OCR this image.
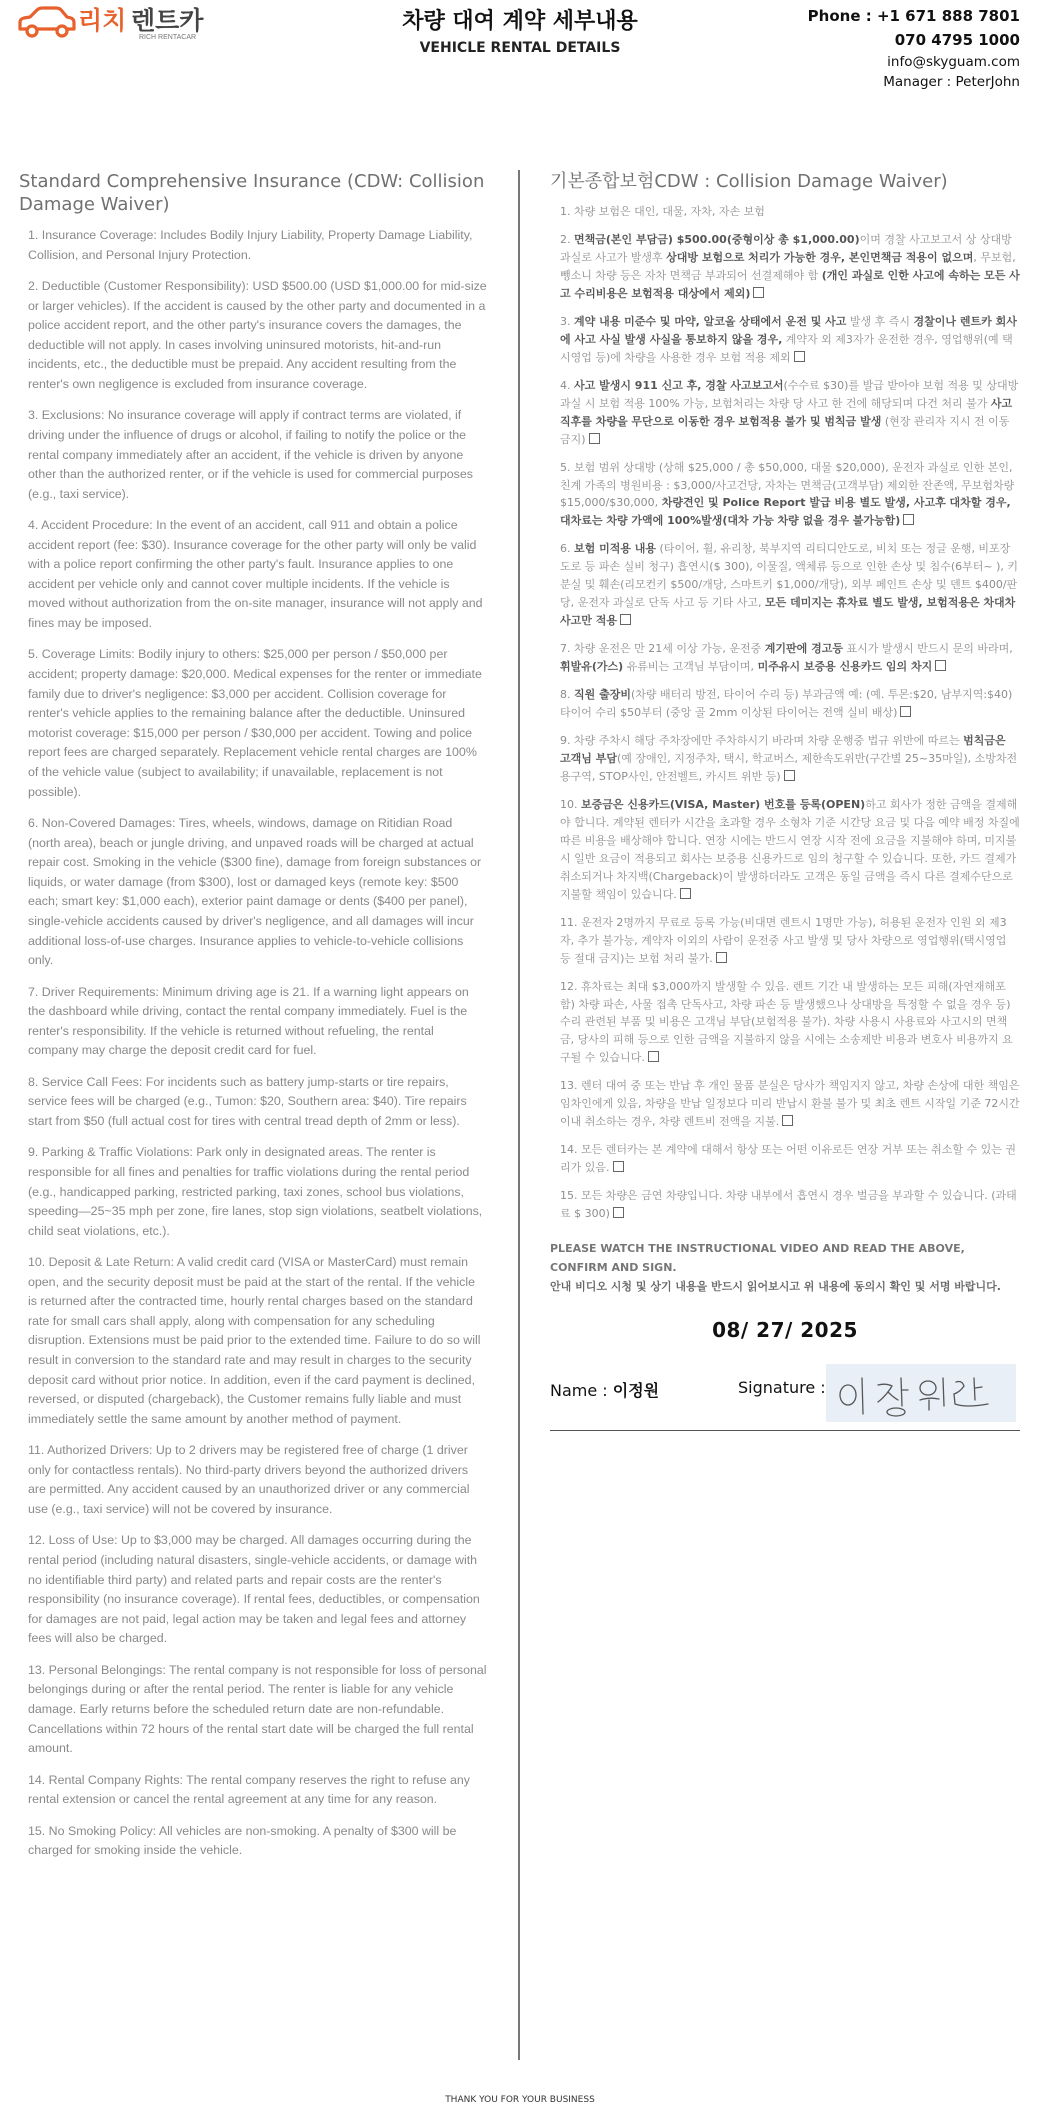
리치 렌트카
RICH RENTACAR
차량 대여 계약 세부내용
VEHICLE RENTAL DETAILS
Phone : +1 671 888 7801
070 4795 1000
info@skyguam.com
Manager : PeterJohn
Standard Comprehensive Insurance (CDW: Collision Damage Waiver)

1. Insurance Coverage: Includes Bodily Injury Liability, Property Damage Liability, Collision, and Personal Injury Protection.

2. Deductible (Customer Responsibility): USD $500.00 (USD $1,000.00 for mid-size or larger vehicles). If the accident is caused by the other party and documented in a police accident report, and the other party's insurance covers the damages, the deductible will not apply. In cases involving uninsured motorists, hit-and-run incidents, etc., the deductible must be prepaid. Any accident resulting from the renter's own negligence is excluded from insurance coverage.

3. Exclusions: No insurance coverage will apply if contract terms are violated, if driving under the influence of drugs or alcohol, if failing to notify the police or the rental company immediately after an accident, if the vehicle is driven by anyone other than the authorized renter, or if the vehicle is used for commercial purposes (e.g., taxi service).

4. Accident Procedure: In the event of an accident, call 911 and obtain a police accident report (fee: $30). Insurance coverage for the other party will only be valid with a police report confirming the other party's fault. Insurance applies to one accident per vehicle only and cannot cover multiple incidents. If the vehicle is moved without authorization from the on-site manager, insurance will not apply and fines may be imposed.

5. Coverage Limits: Bodily injury to others: $25,000 per person / $50,000 per accident; property damage: $20,000. Medical expenses for the renter or immediate family due to driver's negligence: $3,000 per accident. Collision coverage for renter's vehicle applies to the remaining balance after the deductible. Uninsured motorist coverage: $15,000 per person / $30,000 per accident. Towing and police report fees are charged separately. Replacement vehicle rental charges are 100% of the vehicle value (subject to availability; if unavailable, replacement is not possible).

6. Non-Covered Damages: Tires, wheels, windows, damage on Ritidian Road (north area), beach or jungle driving, and unpaved roads will be charged at actual repair cost. Smoking in the vehicle ($300 fine), damage from foreign substances or liquids, or water damage (from $300), lost or damaged keys (remote key: $500 each; smart key: $1,000 each), exterior paint damage or dents ($400 per panel), single-vehicle accidents caused by driver's negligence, and all damages will incur additional loss-of-use charges. Insurance applies to vehicle-to-vehicle collisions only.

7. Driver Requirements: Minimum driving age is 21. If a warning light appears on the dashboard while driving, contact the rental company immediately. Fuel is the renter's responsibility. If the vehicle is returned without refueling, the rental company may charge the deposit credit card for fuel.

8. Service Call Fees: For incidents such as battery jump-starts or tire repairs, service fees will be charged (e.g., Tumon: $20, Southern area: $40). Tire repairs start from $50 (full actual cost for tires with central tread depth of 2mm or less).

9. Parking & Traffic Violations: Park only in designated areas. The renter is responsible for all fines and penalties for traffic violations during the rental period (e.g., handicapped parking, restricted parking, taxi zones, school bus violations, speeding—25~35 mph per zone, fire lanes, stop sign violations, seatbelt violations, child seat violations, etc.).

10. Deposit & Late Return: A valid credit card (VISA or MasterCard) must remain open, and the security deposit must be paid at the start of the rental. If the vehicle is returned after the contracted time, hourly rental charges based on the standard rate for small cars shall apply, along with compensation for any scheduling disruption. Extensions must be paid prior to the extended time. Failure to do so will result in conversion to the standard rate and may result in charges to the security deposit card without prior notice. In addition, even if the card payment is declined, reversed, or disputed (chargeback), the Customer remains fully liable and must immediately settle the same amount by another method of payment.

11. Authorized Drivers: Up to 2 drivers may be registered free of charge (1 driver only for contactless rentals). No third-party drivers beyond the authorized drivers are permitted. Any accident caused by an unauthorized driver or any commercial use (e.g., taxi service) will not be covered by insurance.

12. Loss of Use: Up to $3,000 may be charged. All damages occurring during the rental period (including natural disasters, single-vehicle accidents, or damage with no identifiable third party) and related parts and repair costs are the renter's responsibility (no insurance coverage). If rental fees, deductibles, or compensation for damages are not paid, legal action may be taken and legal fees and attorney fees will also be charged.

13. Personal Belongings: The rental company is not responsible for loss of personal belongings during or after the rental period. The renter is liable for any vehicle damage. Early returns before the scheduled return date are non-refundable. Cancellations within 72 hours of the rental start date will be charged the full rental amount.

14. Rental Company Rights: The rental company reserves the right to refuse any rental extension or cancel the rental agreement at any time for any reason.

15. No Smoking Policy: All vehicles are non-smoking. A penalty of $300 will be charged for smoking inside the vehicle.

기본종합보험CDW : Collision Damage Waiver)

1. 차량 보험은 대인, 대물, 자차, 자손 보험

2. 면책금(본인 부담금) $500.00(중형이상 총 $1,000.00)이며 경찰 사고보고서 상 상대방 과실로 사고가 발생후 상대방 보험으로 처리가 가능한 경우, 본인면책금 적용이 없으며, 무보험, 뺑소니 차량 등은 자차 면책금 부과되어 선결제해야 함 (개인 과실로 인한 사고에 속하는 모든 사고 수리비용은 보험적용 대상에서 제외)

3. 계약 내용 미준수 및 마약, 알코올 상태에서 운전 및 사고 발생 후 즉시 경찰이나 렌트카 회사에 사고 사실 발생 사실을 통보하지 않을 경우, 계약자 외 제3자가 운전한 경우, 영업행위(예 택시영업 등)에 차량을 사용한 경우 보험 적용 제외

4. 사고 발생시 911 신고 후, 경찰 사고보고서(수수료 $30)를 발급 받아야 보험 적용 및 상대방 과실 시 보험 적용 100% 가능, 보험처리는 차량 당 사고 한 건에 해당되며 다건 처리 불가 사고 직후를 차량을 무단으로 이동한 경우 보험적용 불가 및 범칙금 발생 (현장 관리자 지시 전 이동 금지)

5. 보험 범위 상대방 (상해 $25,000 / 총 $50,000, 대물 $20,000), 운전자 과실로 인한 본인, 친계 가족의 병원비용 : $3,000/사고건당, 자차는 면책금(고객부담) 제외한 잔존액, 무보험차량 $15,000/$30,000, 차량견인 및 Police Report 발급 비용 별도 발생, 사고후 대차할 경우, 대차료는 차량 가액에 100%발생(대차 가능 차량 없을 경우 불가능함)

6. 보험 미적용 내용 (타이어, 휠, 유리창, 북부지역 리티디안도로, 비치 또는 정글 운행, 비포장도로 등 파손 실비 청구) 흡연시($ 300), 이물질, 액체류 등으로 인한 손상 및 침수(6부터~ ), 키 분실 및 훼손(리모컨키 $500/개당, 스마트키 $1,000/개당), 외부 페인트 손상 및 덴트 $400/판당, 운전자 과실로 단독 사고 등 기타 사고, 모든 데미지는 휴차료 별도 발생, 보험적용은 차대차 사고만 적용

7. 차량 운전은 만 21세 이상 가능, 운전중 계기판에 경고등 표시가 발생시 반드시 문의 바라며, 휘발유(가스) 유류비는 고객님 부담이며, 미주유시 보증용 신용카드 임의 차지

8. 직원 출장비(차량 배터리 방전, 타이어 수리 등) 부과금액 예: (예. 투몬:$20, 남부지역:$40) 타이어 수리 $50부터 (중앙 골 2mm 이상된 타이어는 전액 실비 배상)

9. 차량 주차시 해당 주차장에만 주차하시기 바라며 차량 운행중 법규 위반에 따르는 범칙금은 고객님 부담(예 장애인, 지정주차, 택시, 학교버스, 제한속도위반(구간별 25~35마일), 소방차전용구역, STOP사인, 안전벨트, 카시트 위반 등)

10. 보증금은 신용카드(VISA, Master) 번호를 등록(OPEN)하고 회사가 정한 금액을 결제해야 합니다. 계약된 렌터카 시간을 초과할 경우 소형차 기준 시간당 요금 및 다음 예약 배정 차질에 따른 비용을 배상해야 합니다. 연장 시에는 반드시 연장 시작 전에 요금을 지불해야 하며, 미지불 시 일반 요금이 적용되고 회사는 보증용 신용카드로 임의 청구할 수 있습니다. 또한, 카드 결제가 취소되거나 차지백(Chargeback)이 발생하더라도 고객은 동일 금액을 즉시 다른 결제수단으로 지불할 책임이 있습니다.

11. 운전자 2명까지 무료로 등록 가능(비대면 렌트시 1명만 가능), 허용된 운전자 인원 외 제3자, 추가 불가능, 계약자 이외의 사람이 운전중 사고 발생 및 당사 차량으로 영업행위(택시영업 등 절대 금지)는 보험 처리 불가.

12. 휴차료는 최대 $3,000까지 발생할 수 있음. 렌트 기간 내 발생하는 모든 피해(자연재해포함) 차량 파손, 사물 접촉 단독사고, 차량 파손 등 발생했으나 상대방을 특정할 수 없을 경우 등) 수리 관련된 부품 및 비용은 고객님 부담(보험적용 불가). 차량 사용시 사용료와 사고시의 면책금, 당사의 피해 등으로 인한 금액을 지불하지 않을 시에는 소송제반 비용과 변호사 비용까지 요구될 수 있습니다.

13. 렌터 대여 중 또는 반납 후 개인 물품 분실은 당사가 책임지지 않고, 차량 손상에 대한 책임은 임차인에게 있음, 차량을 반납 일정보다 미리 반납시 환불 불가 및 최초 렌트 시작일 기준 72시간 이내 취소하는 경우, 차량 렌트비 전액을 지불.

14. 모든 렌터카는 본 계약에 대해서 항상 또는 어떤 이유로든 연장 거부 또는 취소할 수 있는 권리가 있음.

15. 모든 차량은 금연 차량입니다. 차량 내부에서 흡연시 경우 벌금을 부과할 수 있습니다. (과태료 $ 300)

PLEASE WATCH THE INSTRUCTIONAL VIDEO AND READ THE ABOVE, CONFIRM AND SIGN.
안내 비디오 시청 및 상기 내용을 반드시 읽어보시고 위 내용에 동의시 확인 및 서명 바랍니다.
08/ 27/ 2025
Name : 이정원	Signature :
THANK YOU FOR YOUR BUSINESS
